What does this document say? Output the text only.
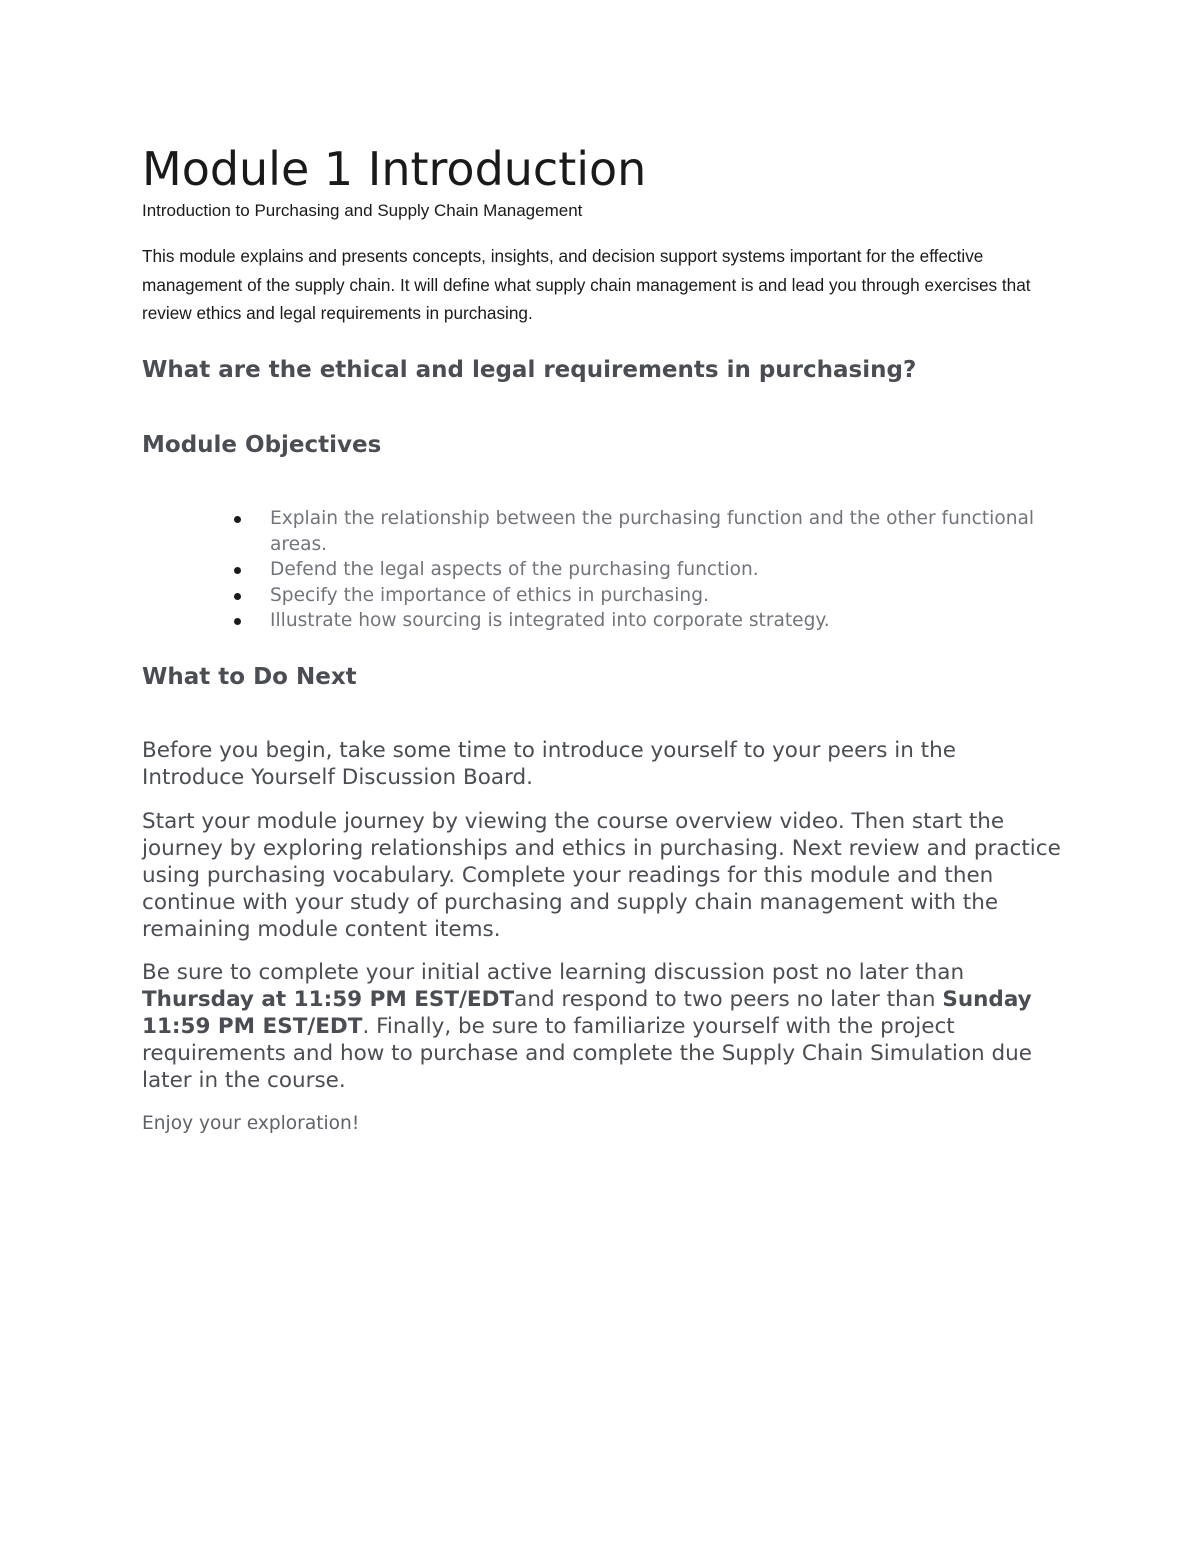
Module 1 Introduction

Introduction to Purchasing and Supply Chain Management

This module explains and presents concepts, insights, and decision support systems important for the effective management of the supply chain. It will define what supply chain management is and lead you through exercises that review ethics and legal requirements in purchasing.

What are the ethical and legal requirements in purchasing?
Module Objectives
Explain the relationship between the purchasing function and the other functional areas.
Defend the legal aspects of the purchasing function.
Specify the importance of ethics in purchasing.
Illustrate how sourcing is integrated into corporate strategy.
What to Do Next

Before you begin, take some time to introduce yourself to your peers in the Introduce Yourself Discussion Board.

Start your module journey by viewing the course overview video. Then start the journey by exploring relationships and ethics in purchasing. Next review and practice using purchasing vocabulary. Complete your readings for this module and then continue with your study of purchasing and supply chain management with the remaining module content items.

Be sure to complete your initial active learning discussion post no later than Thursday at 11:59 PM EST/EDTand respond to two peers no later than Sunday 11:59 PM EST/EDT. Finally, be sure to familiarize yourself with the project requirements and how to purchase and complete the Supply Chain Simulation due later in the course.

Enjoy your exploration!
